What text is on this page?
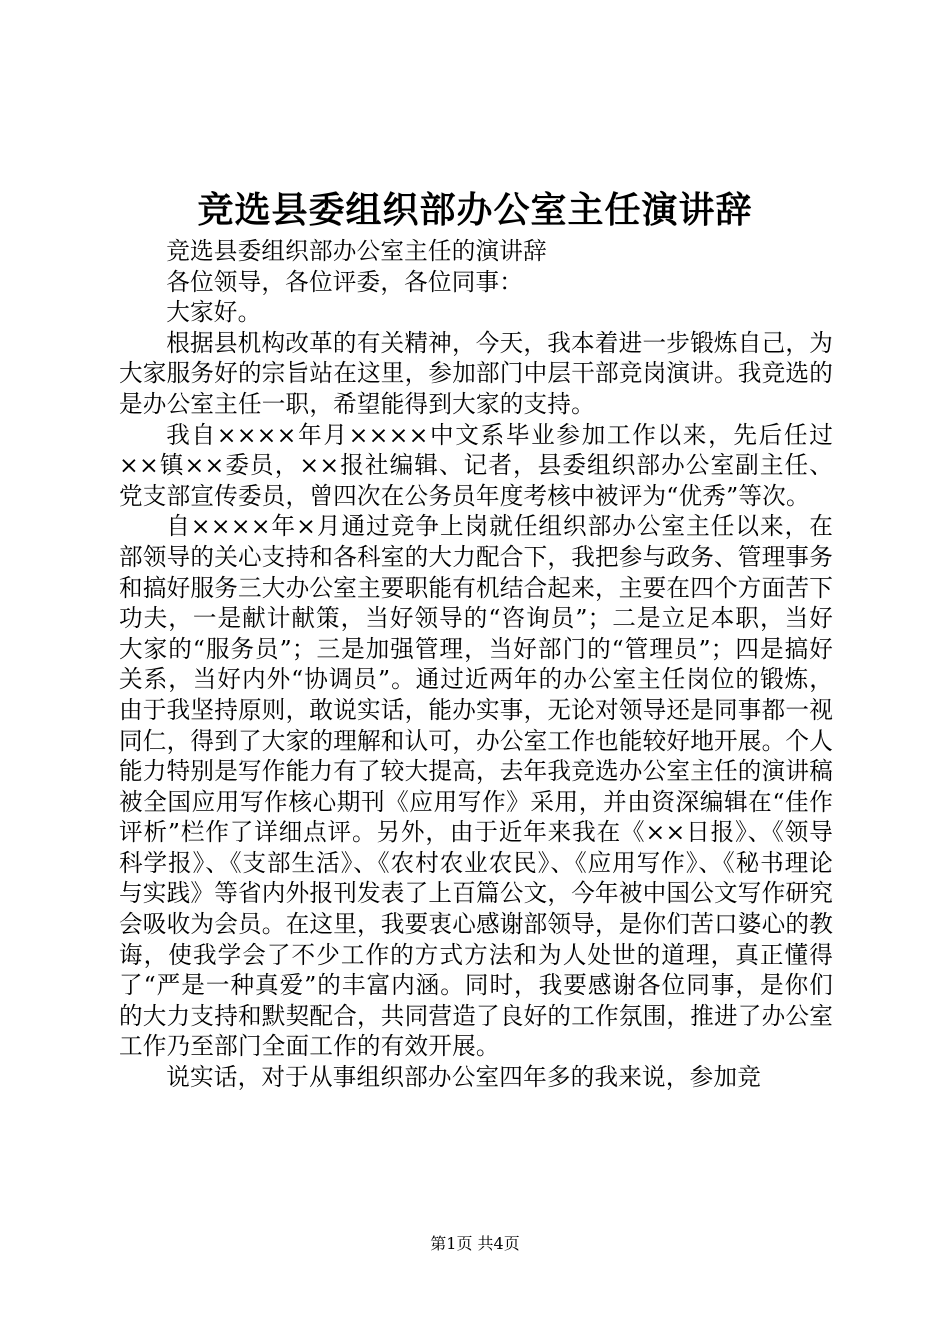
竞选县委组织部办公室主任演讲辞

竞选县委组织部办公室主任的演讲辞

各位领导，各位评委，各位同事：

大家好。

根据县机构改革的有关精神，今天，我本着进一步锻炼自己，为大家服务好的宗旨站在这里，参加部门中层干部竞岗演讲。我竞选的是办公室主任一职，希望能得到大家的支持。

我自××××年月××××中文系毕业参加工作以来，先后任过××镇××委员，××报社编辑、记者，县委组织部办公室副主任、党支部宣传委员，曾四次在公务员年度考核中被评为“优秀”等次。

自××××年×月通过竞争上岗就任组织部办公室主任以来，在部领导的关心支持和各科室的大力配合下，我把参与政务、管理事务和搞好服务三大办公室主要职能有机结合起来，主要在四个方面苦下功夫，一是献计献策，当好领导的“咨询员”；二是立足本职，当好大家的“服务员”；三是加强管理，当好部门的“管理员”；四是搞好关系，当好内外“协调员”。通过近两年的办公室主任岗位的锻炼，由于我坚持原则，敢说实话，能办实事，无论对领导还是同事都一视同仁，得到了大家的理解和认可，办公室工作也能较好地开展。个人能力特别是写作能力有了较大提高，去年我竞选办公室主任的演讲稿被全国应用写作核心期刊《应用写作》采用，并由资深编辑在“佳作评析”栏作了详细点评。另外，由于近年来我在《××日报》、《领导科学报》、《支部生活》、《农村农业农民》、《应用写作》、《秘书理论与实践》等省内外报刊发表了上百篇公文，今年被中国公文写作研究会吸收为会员。在这里，我要衷心感谢部领导，是你们苦口婆心的教诲，使我学会了不少工作的方式方法和为人处世的道理，真正懂得了“严是一种真爱”的丰富内涵。同时，我要感谢各位同事，是你们的大力支持和默契配合，共同营造了良好的工作氛围，推进了办公室工作乃至部门全面工作的有效开展。

说实话，对于从事组织部办公室四年多的我来说，参加竞

第1页 共4页
